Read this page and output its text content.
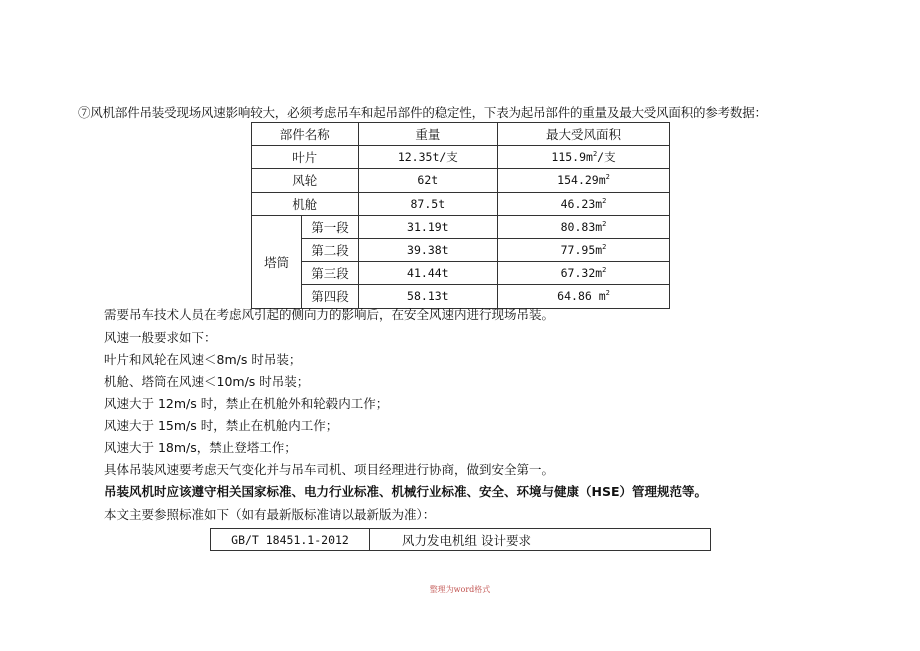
⑦风机部件吊装受现场风速影响较大，必须考虑吊车和起吊部件的稳定性，下表为起吊部件的重量及最大受风面积的参考数据：
部件名称		重量	最大受风面积
叶片		12.35t/支	$115.9m^2/$支
风轮		62t	$154.29m^2$
机舱		87.5t	$46.23m^2$
塔筒	第一段	31.19t	$80.83m^2$
	第二段	39.38t	$77.95m^2$
	第三段	41.44t	$67.32m^2$
	第四段	58.13t	64.86 $m^2$
需要吊车技术人员在考虑风引起的侧向力的影响后，在安全风速内进行现场吊装。
风速一般要求如下：
叶片和风轮在风速＜8m/s 时吊装；
机舱、塔筒在风速＜10m/s 时吊装；
风速大于 12m/s 时，禁止在机舱外和轮毂内工作；
风速大于 15m/s 时，禁止在机舱内工作；
风速大于 18m/s，禁止登塔工作；
具体吊装风速要考虑天气变化并与吊车司机、项目经理进行协商，做到安全第一。
吊装风机时应该遵守相关国家标准、电力行业标准、机械行业标准、安全、环境与健康（HSE）管理规范等。
本文主要参照标准如下（如有最新版标准请以最新版为准）：
GB/T 18451.1-2012	风力发电机组 设计要求
整理为word格式
